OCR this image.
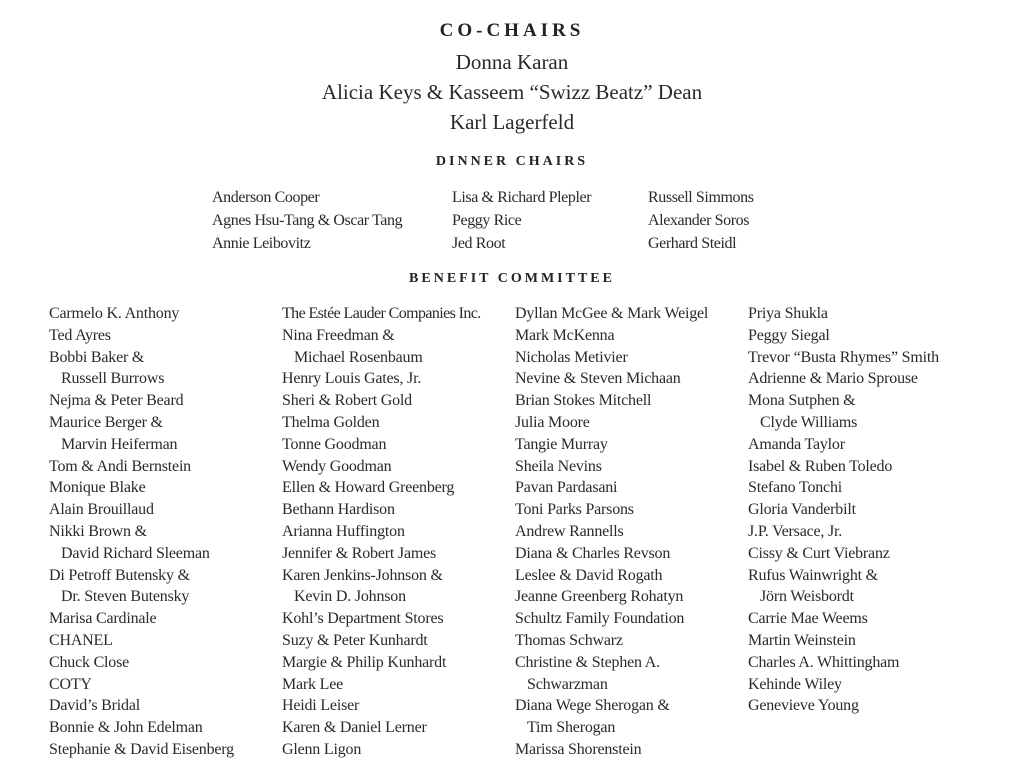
CO-CHAIRS
Donna Karan
Alicia Keys & Kasseem “Swizz Beatz” Dean
Karl Lagerfeld
DINNER CHAIRS
Anderson Cooper
Agnes Hsu-Tang & Oscar Tang
Annie Leibovitz
Lisa & Richard Plepler
Peggy Rice
Jed Root
Russell Simmons
Alexander Soros
Gerhard Steidl
BENEFIT COMMITTEE
Carmelo K. Anthony
Ted Ayres
Bobbi Baker &
Russell Burrows
Nejma & Peter Beard
Maurice Berger &
Marvin Heiferman
Tom & Andi Bernstein
Monique Blake
Alain Brouillaud
Nikki Brown &
David Richard Sleeman
Di Petroff Butensky &
Dr. Steven Butensky
Marisa Cardinale
CHANEL
Chuck Close
COTY
David’s Bridal
Bonnie & John Edelman
Stephanie & David Eisenberg
The Estée Lauder Companies Inc.
Nina Freedman &
Michael Rosenbaum
Henry Louis Gates, Jr.
Sheri & Robert Gold
Thelma Golden
Tonne Goodman
Wendy Goodman
Ellen & Howard Greenberg
Bethann Hardison
Arianna Huffington
Jennifer & Robert James
Karen Jenkins-Johnson &
Kevin D. Johnson
Kohl’s Department Stores
Suzy & Peter Kunhardt
Margie & Philip Kunhardt
Mark Lee
Heidi Leiser
Karen & Daniel Lerner
Glenn Ligon
Dyllan McGee & Mark Weigel
Mark McKenna
Nicholas Metivier
Nevine & Steven Michaan
Brian Stokes Mitchell
Julia Moore
Tangie Murray
Sheila Nevins
Pavan Pardasani
Toni Parks Parsons
Andrew Rannells
Diana & Charles Revson
Leslee & David Rogath
Jeanne Greenberg Rohatyn
Schultz Family Foundation
Thomas Schwarz
Christine & Stephen A.
Schwarzman
Diana Wege Sherogan &
Tim Sherogan
Marissa Shorenstein
Priya Shukla
Peggy Siegal
Trevor “Busta Rhymes” Smith
Adrienne & Mario Sprouse
Mona Sutphen &
Clyde Williams
Amanda Taylor
Isabel & Ruben Toledo
Stefano Tonchi
Gloria Vanderbilt
J.P. Versace, Jr.
Cissy & Curt Viebranz
Rufus Wainwright &
Jörn Weisbordt
Carrie Mae Weems
Martin Weinstein
Charles A. Whittingham
Kehinde Wiley
Genevieve Young
